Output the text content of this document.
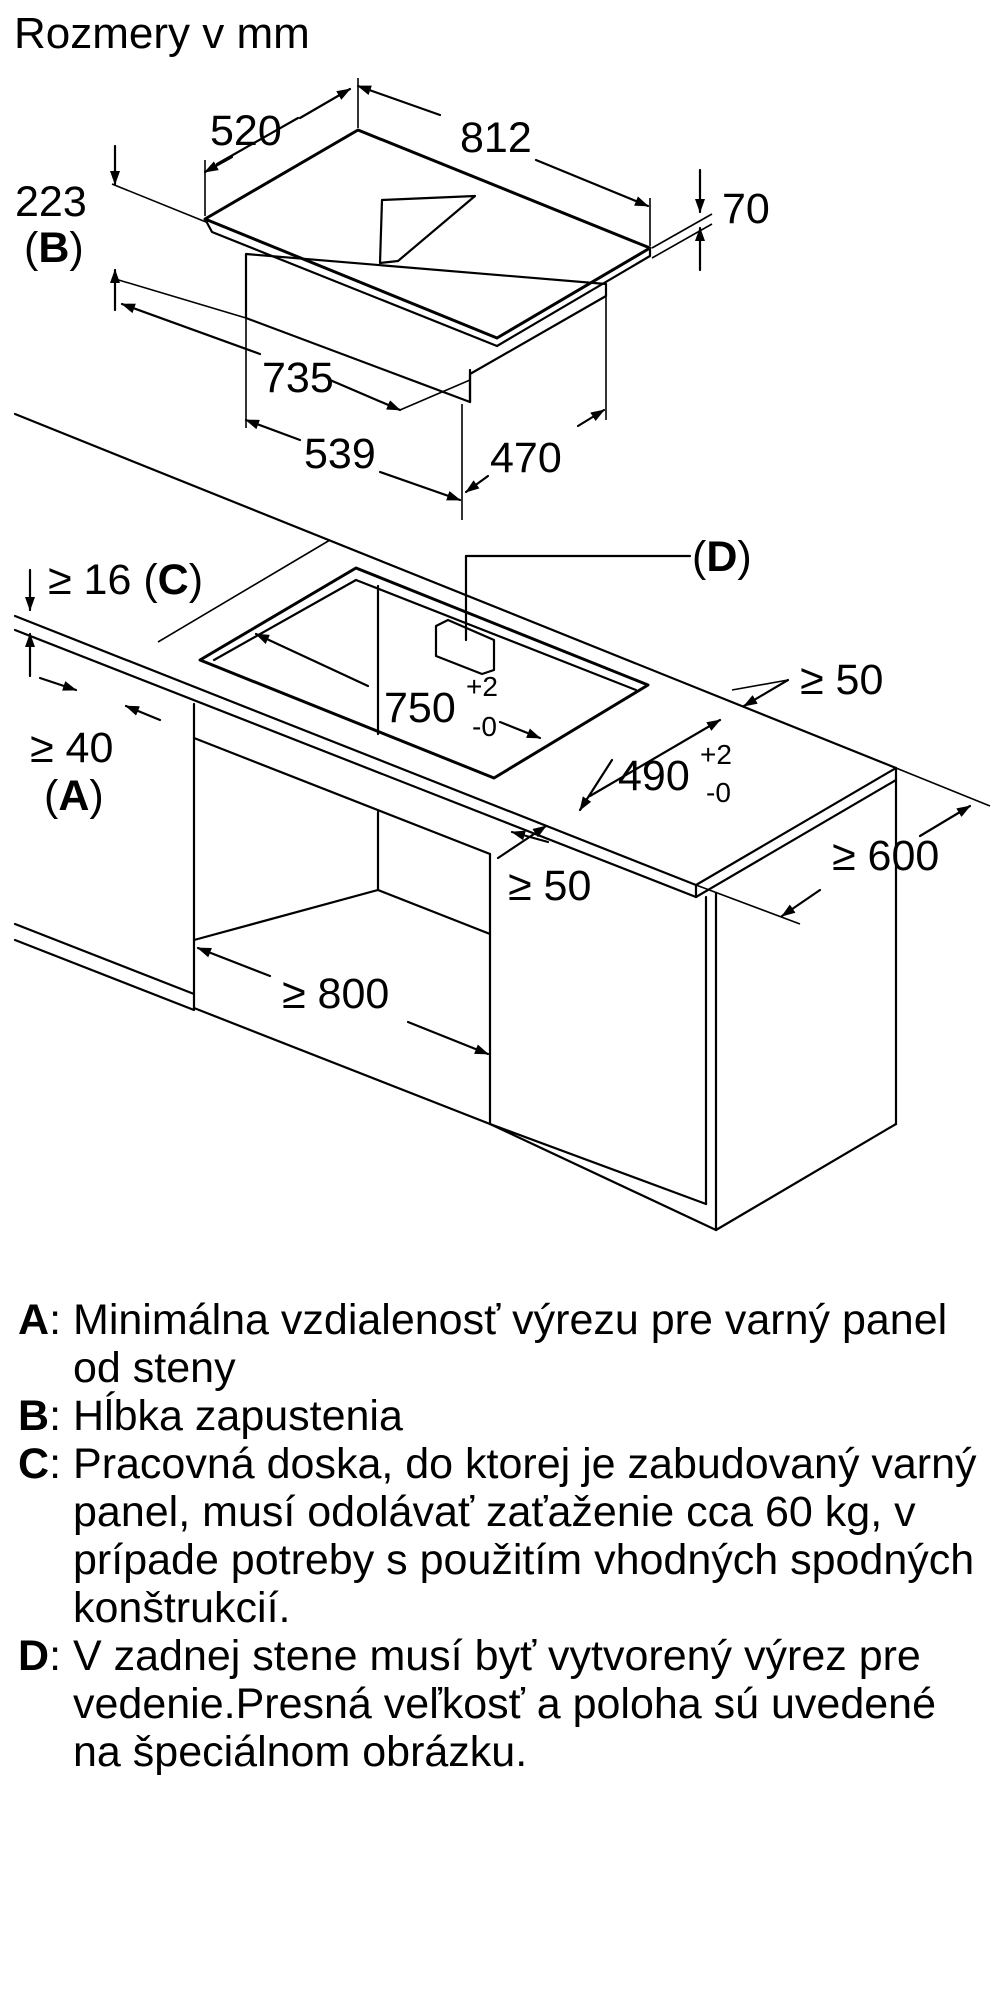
Rozmery v mm
520	812
70
223
(B)
735
539	470
(D)
≥ 16 (C)
750 +2
-0
490 +2
-0
≥ 40
(A)
≥ 50
≥ 50
≥ 600
≥ 800
A : Minimálna vzdialenosť výrezu pre varný panel od steny
B : Hĺbka zapustenia
C : Pracovná doska, do ktorej je zabudovaný varný panel, musí odolávať zaťaženie cca 60 kg, v prípade potreby s použitím vhodných spodných konštrukcií.
D : V zadnej stene musí byť vytvorený výrez pre vedenie.Presná veľkosť a poloha sú uvedené na špeciálnom obrázku.
